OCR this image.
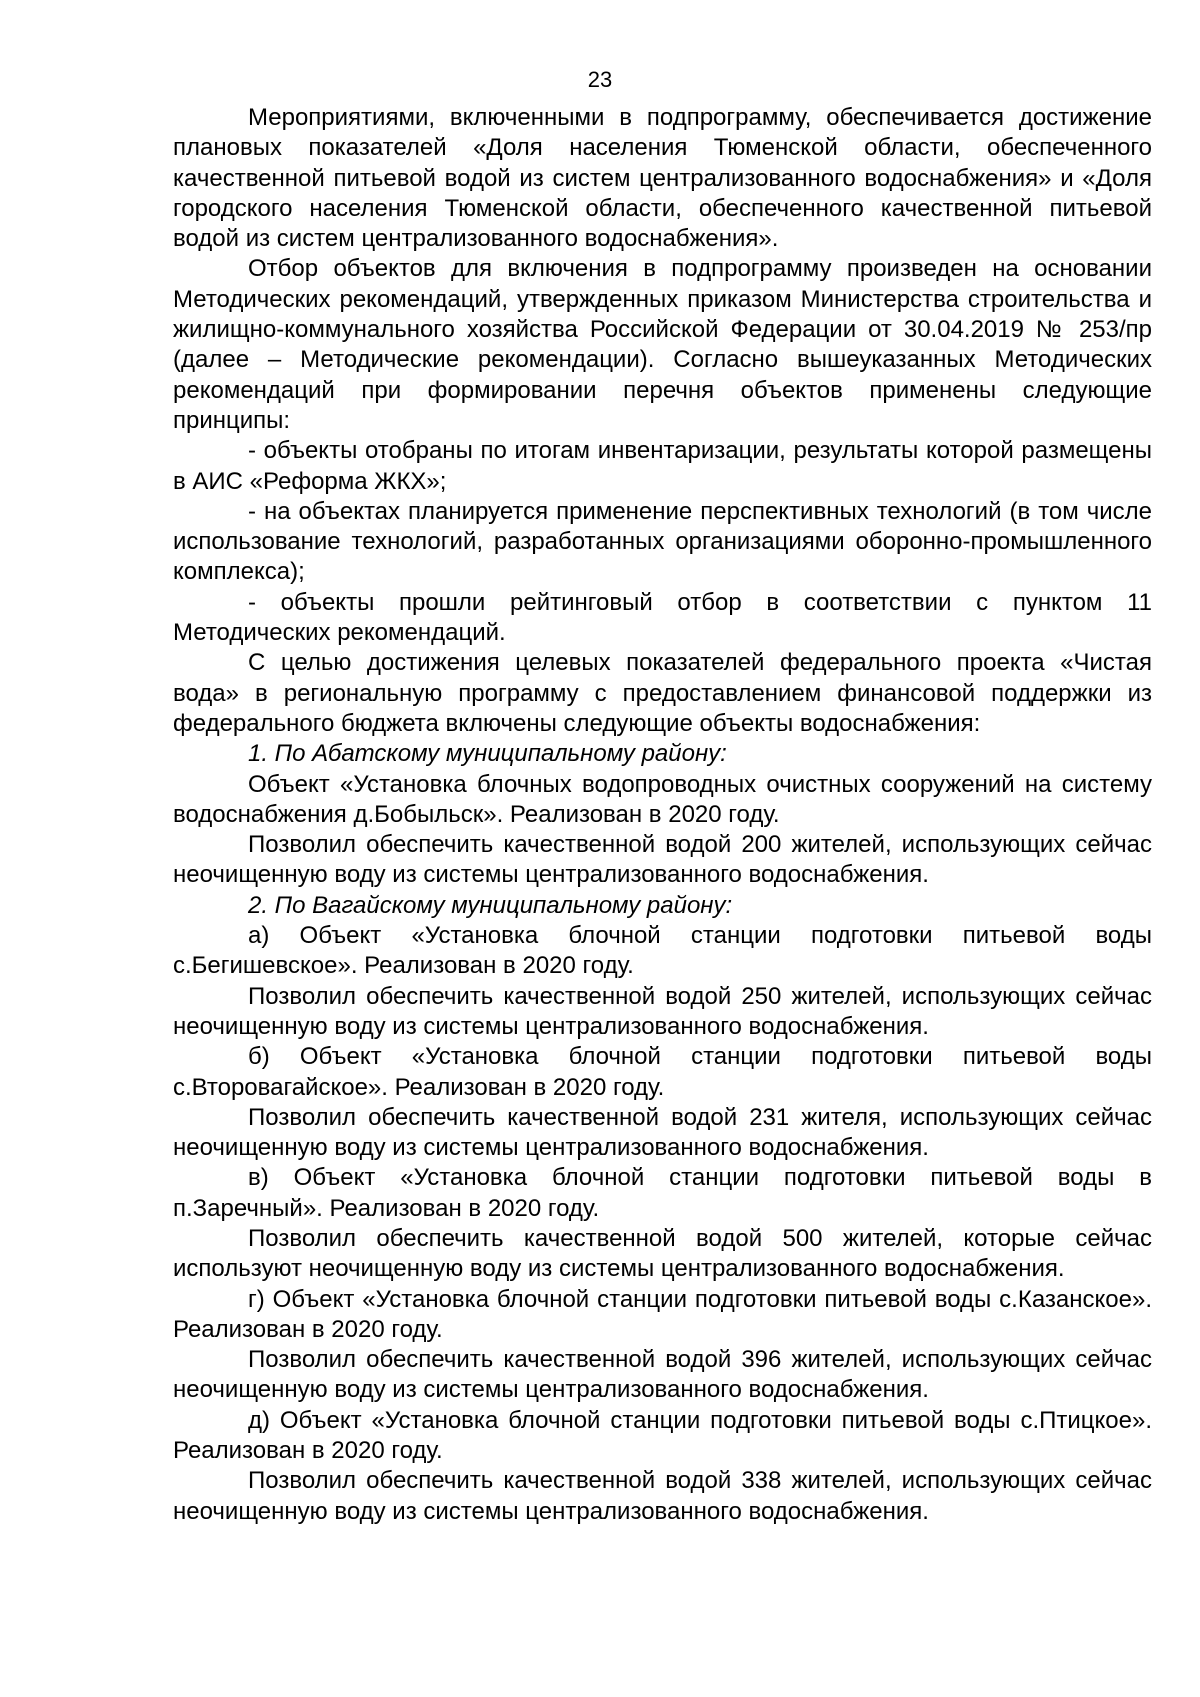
23

Мероприятиями, включенными в подпрограмму, обеспечивается достижение плановых показателей «Доля населения Тюменской области, обеспеченного качественной питьевой водой из систем централизованного водоснабжения» и «Доля городского населения Тюменской области, обеспеченного качественной питьевой водой из систем централизованного водоснабжения».

Отбор объектов для включения в подпрограмму произведен на основании Методических рекомендаций, утвержденных приказом Министерства строительства и жилищно-коммунального хозяйства Российской Федерации от 30.04.2019 № 253/пр (далее – Методические рекомендации). Согласно вышеуказанных Методических рекомендаций при формировании перечня объектов применены следующие принципы:

- объекты отобраны по итогам инвентаризации, результаты которой размещены в АИС «Реформа ЖКХ»;

- на объектах планируется применение перспективных технологий (в том числе использование технологий, разработанных организациями оборонно-промышленного комплекса);

- объекты прошли рейтинговый отбор в соответствии с пунктом 11 Методических рекомендаций.

С целью достижения целевых показателей федерального проекта «Чистая вода» в региональную программу с предоставлением финансовой поддержки из федерального бюджета включены следующие объекты водоснабжения:

1. По Абатскому муниципальному району:

Объект «Установка блочных водопроводных очистных сооружений на систему водоснабжения д.Бобыльск». Реализован в 2020 году.

Позволил обеспечить качественной водой 200 жителей, использующих сейчас неочищенную воду из системы централизованного водоснабжения.

2. По Вагайскому муниципальному району:

а) Объект «Установка блочной станции подготовки питьевой воды с.Бегишевское». Реализован в 2020 году.

Позволил обеспечить качественной водой 250 жителей, использующих сейчас неочищенную воду из системы централизованного водоснабжения.

б) Объект «Установка блочной станции подготовки питьевой воды с.Второвагайское». Реализован в 2020 году.

Позволил обеспечить качественной водой 231 жителя, использующих сейчас неочищенную воду из системы централизованного водоснабжения.

в) Объект «Установка блочной станции подготовки питьевой воды в п.Заречный». Реализован в 2020 году.

Позволил обеспечить качественной водой 500 жителей, которые сейчас используют неочищенную воду из системы централизованного водоснабжения.

г) Объект «Установка блочной станции подготовки питьевой воды с.Казанское». Реализован в 2020 году.

Позволил обеспечить качественной водой 396 жителей, использующих сейчас неочищенную воду из системы централизованного водоснабжения.

д) Объект «Установка блочной станции подготовки питьевой воды с.Птицкое». Реализован в 2020 году.

Позволил обеспечить качественной водой 338 жителей, использующих сейчас неочищенную воду из системы централизованного водоснабжения.
